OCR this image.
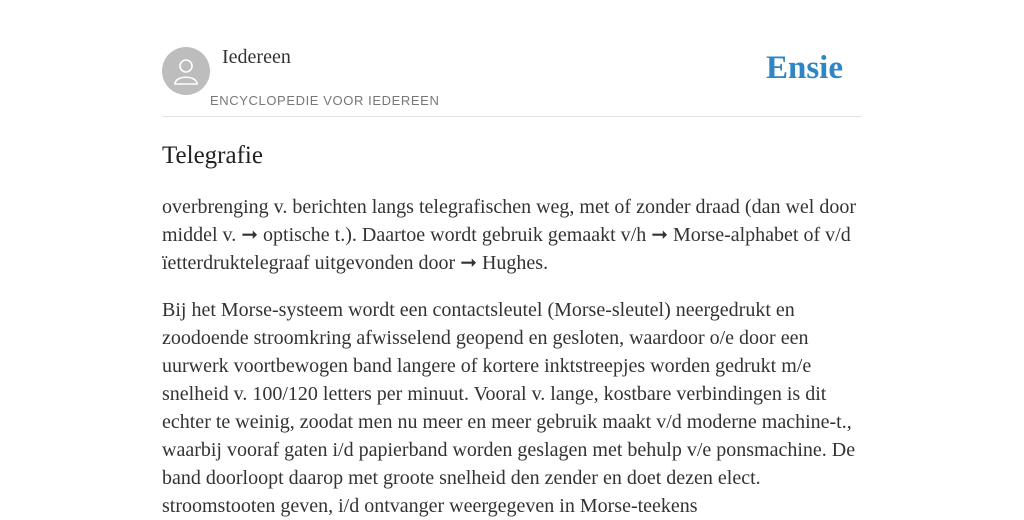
Iedereen
ENCYCLOPEDIE VOOR IEDEREEN
Ensie
Telegrafie

overbrenging v. berichten langs telegrafischen weg, met of zonder draad (dan wel door middel v. ➞ optische t.). Daartoe wordt gebruik gemaakt v/h ➞ Morse-alphabet of v/d ïetterdruktelegraaf uitgevonden door ➞ Hughes.

Bij het Morse-systeem wordt een contactsleutel (Morse-sleutel) neergedrukt en zoodoende stroomkring afwisselend geopend en gesloten, waardoor o/e door een uurwerk voortbewogen band langere of kortere inktstreepjes worden gedrukt m/e snelheid v. 100/120 letters per minuut. Vooral v. lange, kostbare verbindingen is dit echter te weinig, zoodat men nu meer en meer gebruik maakt v/d moderne machine-t., waarbij vooraf gaten i/d papierband worden geslagen met behulp v/e ponsmachine. De band doorloopt daarop met groote snelheid den zender en doet dezen elect. stroomstooten geven, i/d ontvanger weergegeven in Morse-teekens
